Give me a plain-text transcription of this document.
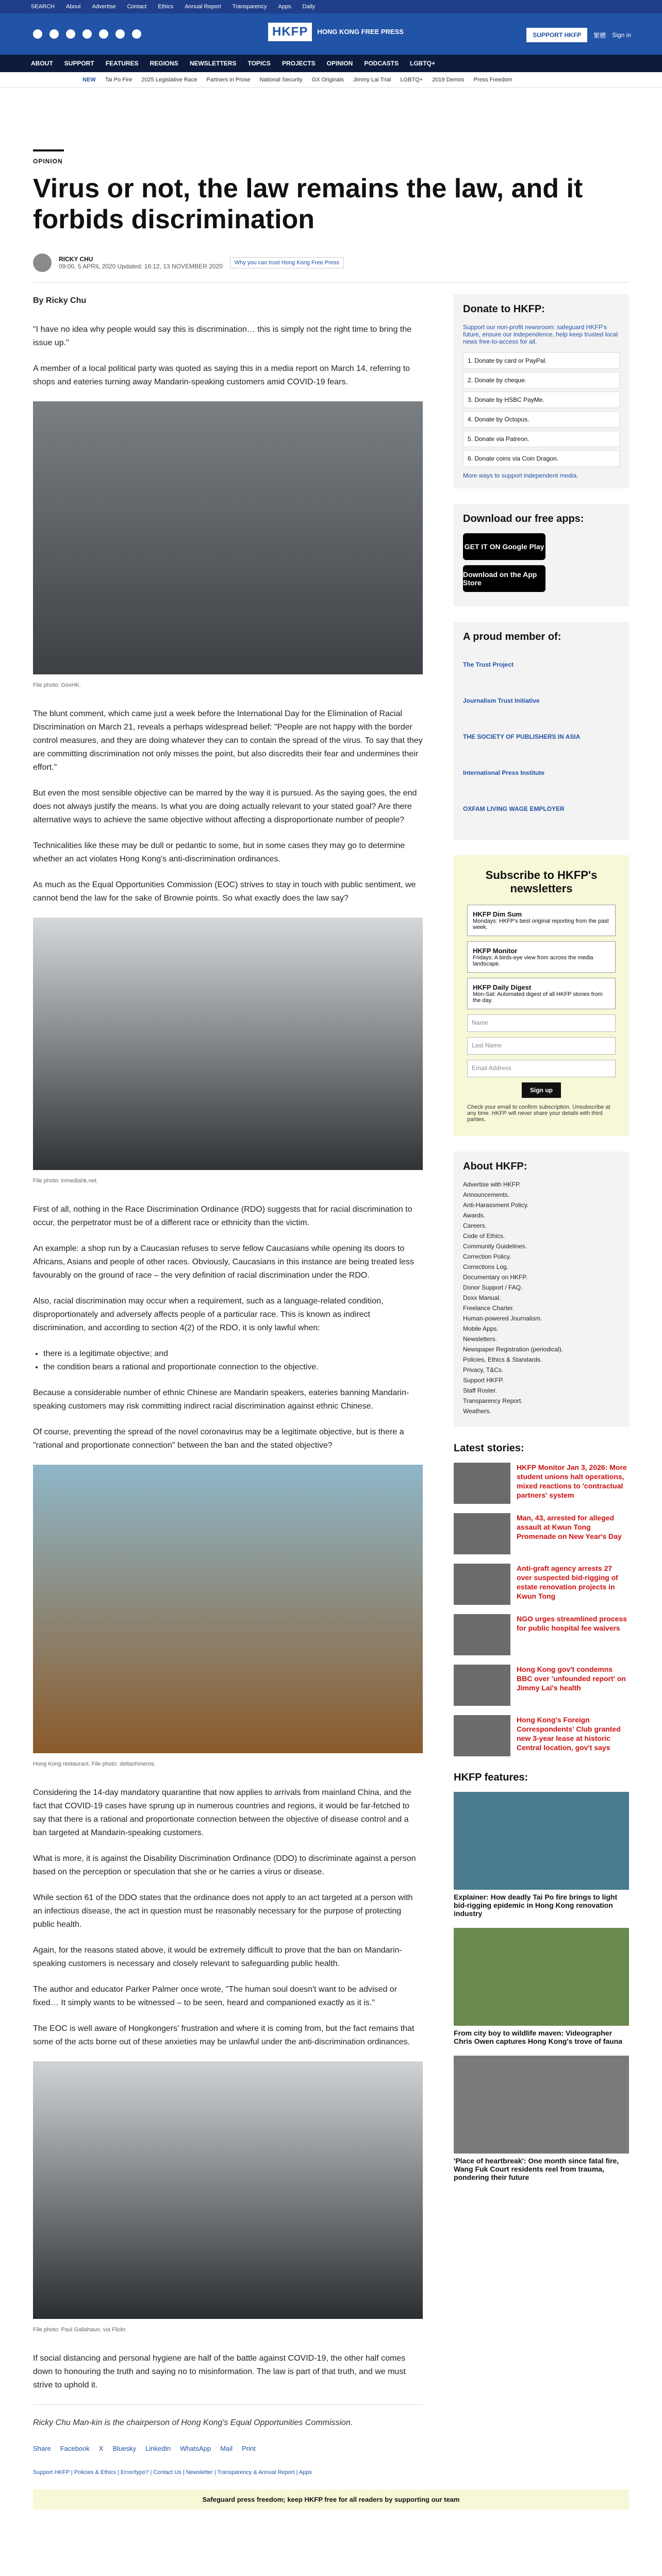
SEARCH About Advertise Contact Ethics Annual Report Transparency Apps Daily
HKFP	HONG KONG FREE PRESS	SUPPORT HKFP	繁體 Sign in
ABOUT SUPPORT FEATURES REGIONS NEWSLETTERS TOPICS PROJECTS OPINION PODCASTS LGBTQ+
NEW Tai Po Fire 2025 Legislative Race Partners in Prose National Security GX Originals Jimmy Lai Trial LGBTQ+ 2019 Demos Press Freedom
OPINION
Virus or not, the law remains the law, and it forbids discrimination
RICKY CHU
09:00, 5 APRIL 2020 Updated: 16:12, 13 NOVEMBER 2020	Why you can trust Hong Kong Free Press

By Ricky Chu

"I have no idea why people would say this is discrimination… this is simply not the right time to bring the issue up."

A member of a local political party was quoted as saying this in a media report on March 14, referring to shops and eateries turning away Mandarin-speaking customers amid COVID-19 fears.

File photo: GovHK.

The blunt comment, which came just a week before the International Day for the Elimination of Racial Discrimination on March 21, reveals a perhaps widespread belief: "People are not happy with the border control measures, and they are doing whatever they can to contain the spread of the virus. To say that they are committing discrimination not only misses the point, but also discredits their fear and undermines their effort."

But even the most sensible objective can be marred by the way it is pursued. As the saying goes, the end does not always justify the means. Is what you are doing actually relevant to your stated goal? Are there alternative ways to achieve the same objective without affecting a disproportionate number of people?

Technicalities like these may be dull or pedantic to some, but in some cases they may go to determine whether an act violates Hong Kong's anti-discrimination ordinances.

As much as the Equal Opportunities Commission (EOC) strives to stay in touch with public sentiment, we cannot bend the law for the sake of Brownie points. So what exactly does the law say?

File photo: inmediahk.net.

First of all, nothing in the Race Discrimination Ordinance (RDO) suggests that for racial discrimination to occur, the perpetrator must be of a different race or ethnicity than the victim.

An example: a shop run by a Caucasian refuses to serve fellow Caucasians while opening its doors to Africans, Asians and people of other races. Obviously, Caucasians in this instance are being treated less favourably on the ground of race – the very definition of racial discrimination under the RDO.

Also, racial discrimination may occur when a requirement, such as a language-related condition, disproportionately and adversely affects people of a particular race. This is known as indirect discrimination, and according to section 4(2) of the RDO, it is only lawful when:

• there is a legitimate objective; and
• the condition bears a rational and proportionate connection to the objective.

Because a considerable number of ethnic Chinese are Mandarin speakers, eateries banning Mandarin-speaking customers may risk committing indirect racial discrimination against ethnic Chinese.

Of course, preventing the spread of the novel coronavirus may be a legitimate objective, but is there a "rational and proportionate connection" between the ban and the stated objective?

Hong Kong restaurant. File photo: deltaohmeros.

Considering the 14-day mandatory quarantine that now applies to arrivals from mainland China, and the fact that COVID-19 cases have sprung up in numerous countries and regions, it would be far-fetched to say that there is a rational and proportionate connection between the objective of disease control and a ban targeted at Mandarin-speaking customers.

What is more, it is against the Disability Discrimination Ordinance (DDO) to discriminate against a person based on the perception or speculation that she or he carries a virus or disease.

While section 61 of the DDO states that the ordinance does not apply to an act targeted at a person with an infectious disease, the act in question must be reasonably necessary for the purpose of protecting public health.

Again, for the reasons stated above, it would be extremely difficult to prove that the ban on Mandarin-speaking customers is necessary and closely relevant to safeguarding public health.

The author and educator Parker Palmer once wrote, "The human soul doesn't want to be advised or fixed… It simply wants to be witnessed – to be seen, heard and companioned exactly as it is."

The EOC is well aware of Hongkongers' frustration and where it is coming from, but the fact remains that some of the acts borne out of these anxieties may be unlawful under the anti-discrimination ordinances.

File photo: Paul Gallahaun, via Flickr.

If social distancing and personal hygiene are half of the battle against COVID-19, the other half comes down to honouring the truth and saying no to misinformation. The law is part of that truth, and we must strive to uphold it.

Ricky Chu Man-kin is the chairperson of Hong Kong's Equal Opportunities Commission.

Share Facebook X Bluesky LinkedIn WhatsApp Mail Print
Support HKFP | Policies & Ethics | Error/typo? | Contact Us | Newsletter | Transparency & Annual Report | Apps
Donate to HKFP:

Support our non-profit newsroom: safeguard HKFP's future, ensure our independence, help keep trusted local news free-to-access for all.

1. Donate by card or PayPal.
2. Donate by cheque.
3. Donate by HSBC PayMe.
4. Donate by Octopus.
5. Donate via Patreon.
6. Donate coins via Coin Dragon.

More ways to support independent media.

Download our free apps:
GET IT ON Google Play
Download on the App Store
A proud member of:
The Trust Project
Journalism Trust Initiative
THE SOCIETY OF PUBLISHERS IN ASIA
International Press Institute
OXFAM LIVING WAGE EMPLOYER
Subscribe to HKFP's newsletters
HKFP Dim Sum
Mondays: HKFP's best original reporting from the past week.
HKFP Monitor
Fridays: A birds-eye view from across the media landscape.
HKFP Daily Digest
Mon-Sat: Automated digest of all HKFP stories from the day.
Name
Last Name
Email Address
Sign up

Check your email to confirm subscription. Unsubscribe at any time. HKFP will never share your details with third parties.

About HKFP:
Advertise with HKFP.
Announcements.
Anti-Harassment Policy.
Awards.
Careers.
Code of Ethics.
Community Guidelines.
Correction Policy.
Corrections Log.
Documentary on HKFP.
Donor Support / FAQ.
Doxx Manual.
Freelance Charter.
Human-powered Journalism.
Mobile Apps.
Newsletters.
Newspaper Registration (periodical).
Policies, Ethics & Standards.
Privacy, T&Cs.
Support HKFP.
Staff Roster.
Transparency Report.
Weathers.
Latest stories:
HKFP Monitor Jan 3, 2026: More student unions halt operations, mixed reactions to 'contractual partners' system
Man, 43, arrested for alleged assault at Kwun Tong Promenade on New Year's Day
Anti-graft agency arrests 27 over suspected bid-rigging of estate renovation projects in Kwun Tong
NGO urges streamlined process for public hospital fee waivers
Hong Kong gov't condemns BBC over 'unfounded report' on Jimmy Lai's health
Hong Kong's Foreign Correspondents' Club granted new 3-year lease at historic Central location, gov't says
HKFP features:
Explainer: How deadly Tai Po fire brings to light bid-rigging epidemic in Hong Kong renovation industry
From city boy to wildlife maven: Videographer Chris Owen captures Hong Kong's trove of fauna
'Place of heartbreak': One month since fatal fire, Wang Fuk Court residents reel from trauma, pondering their future
Safeguard press freedom; keep HKFP free for all readers by supporting our team
